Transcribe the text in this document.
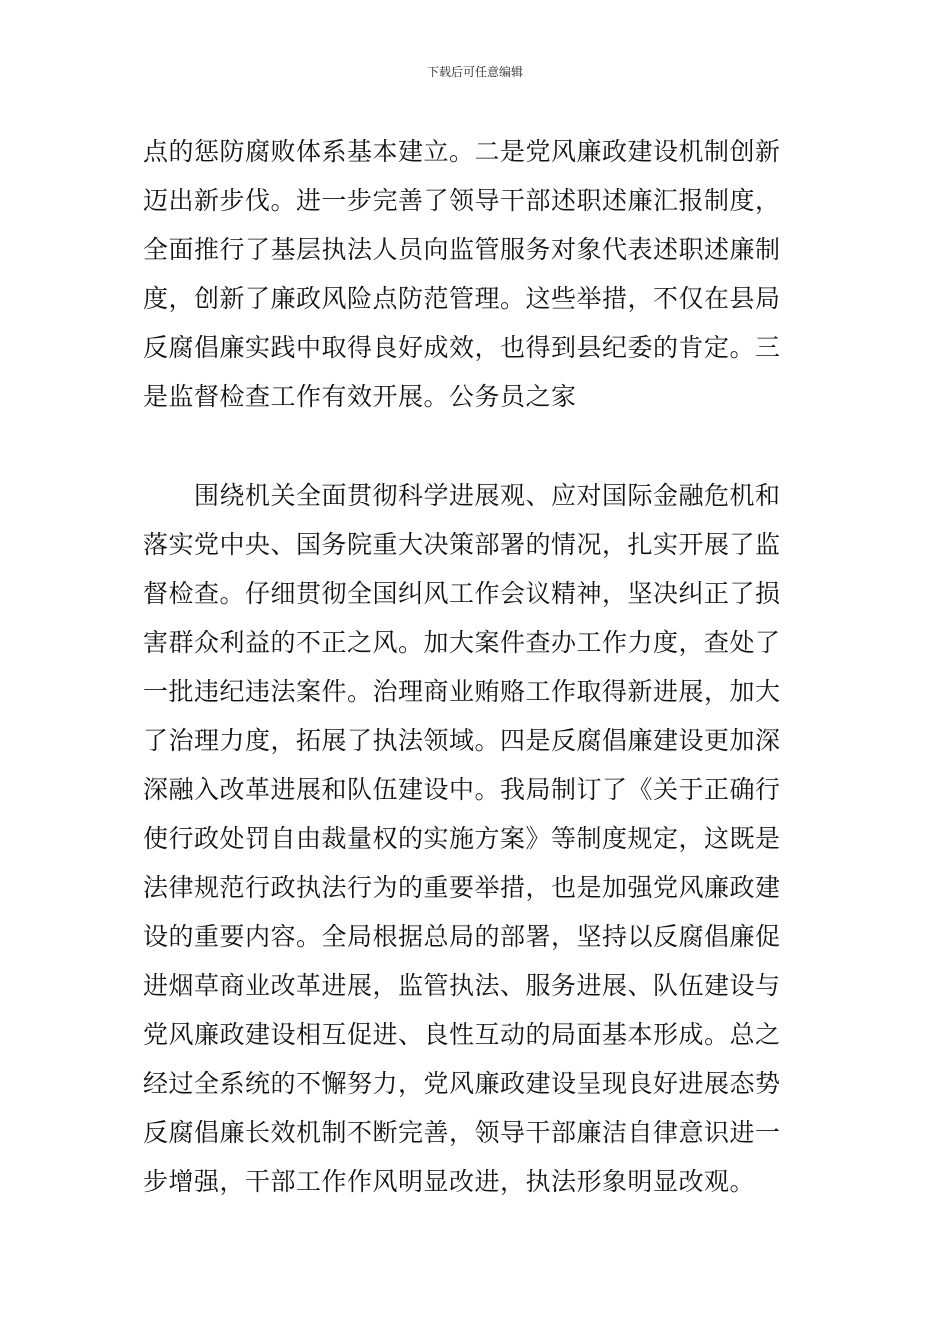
下载后可任意编辑
点的惩防腐败体系基本建立。二是党风廉政建设机制创新
迈出新步伐。进一步完善了领导干部述职述廉汇报制度，
全面推行了基层执法人员向监管服务对象代表述职述廉制
度，创新了廉政风险点防范管理。这些举措，不仅在县局
反腐倡廉实践中取得良好成效，也得到县纪委的肯定。三
是监督检查工作有效开展。公务员之家
　　围绕机关全面贯彻科学进展观、应对国际金融危机和
落实党中央、国务院重大决策部署的情况，扎实开展了监
督检查。仔细贯彻全国纠风工作会议精神，坚决纠正了损
害群众利益的不正之风。加大案件查办工作力度，查处了
一批违纪违法案件。治理商业贿赂工作取得新进展，加大
了治理力度，拓展了执法领域。四是反腐倡廉建设更加深
深融入改革进展和队伍建设中。我局制订了《关于正确行
使行政处罚自由裁量权的实施方案》等制度规定，这既是
法律规范行政执法行为的重要举措，也是加强党风廉政建
设的重要内容。全局根据总局的部署，坚持以反腐倡廉促
进烟草商业改革进展，监管执法、服务进展、队伍建设与
党风廉政建设相互促进、良性互动的局面基本形成。总之
经过全系统的不懈努力，党风廉政建设呈现良好进展态势
反腐倡廉长效机制不断完善，领导干部廉洁自律意识进一
步增强，干部工作作风明显改进，执法形象明显改观。
